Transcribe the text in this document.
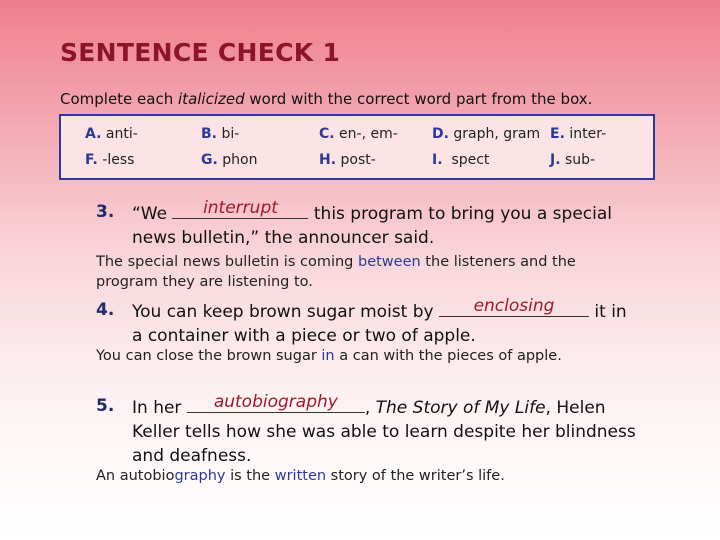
SENTENCE CHECK 1
Complete each italicized word with the correct word part from the box.
A. anti-	B. bi-	C. en-, em- D. graph, gram E. inter-
F. -less	G. phon	H. post-	I. spect	J. sub-
3. “We	interrupt	this program to bring you a special
news bulletin,” the announcer said.
The special news bulletin is coming between the listeners and the
program they are listening to.
4. You can keep brown sugar moist by	enclosing	it in
a container with a piece or two of apple.
You can close the brown sugar in a can with the pieces of apple.
5. In her	autobiography	, The Story of My Life, Helen
Keller tells how she was able to learn despite her blindness
and deafness.
An autobiography is the written story of the writer’s life.
